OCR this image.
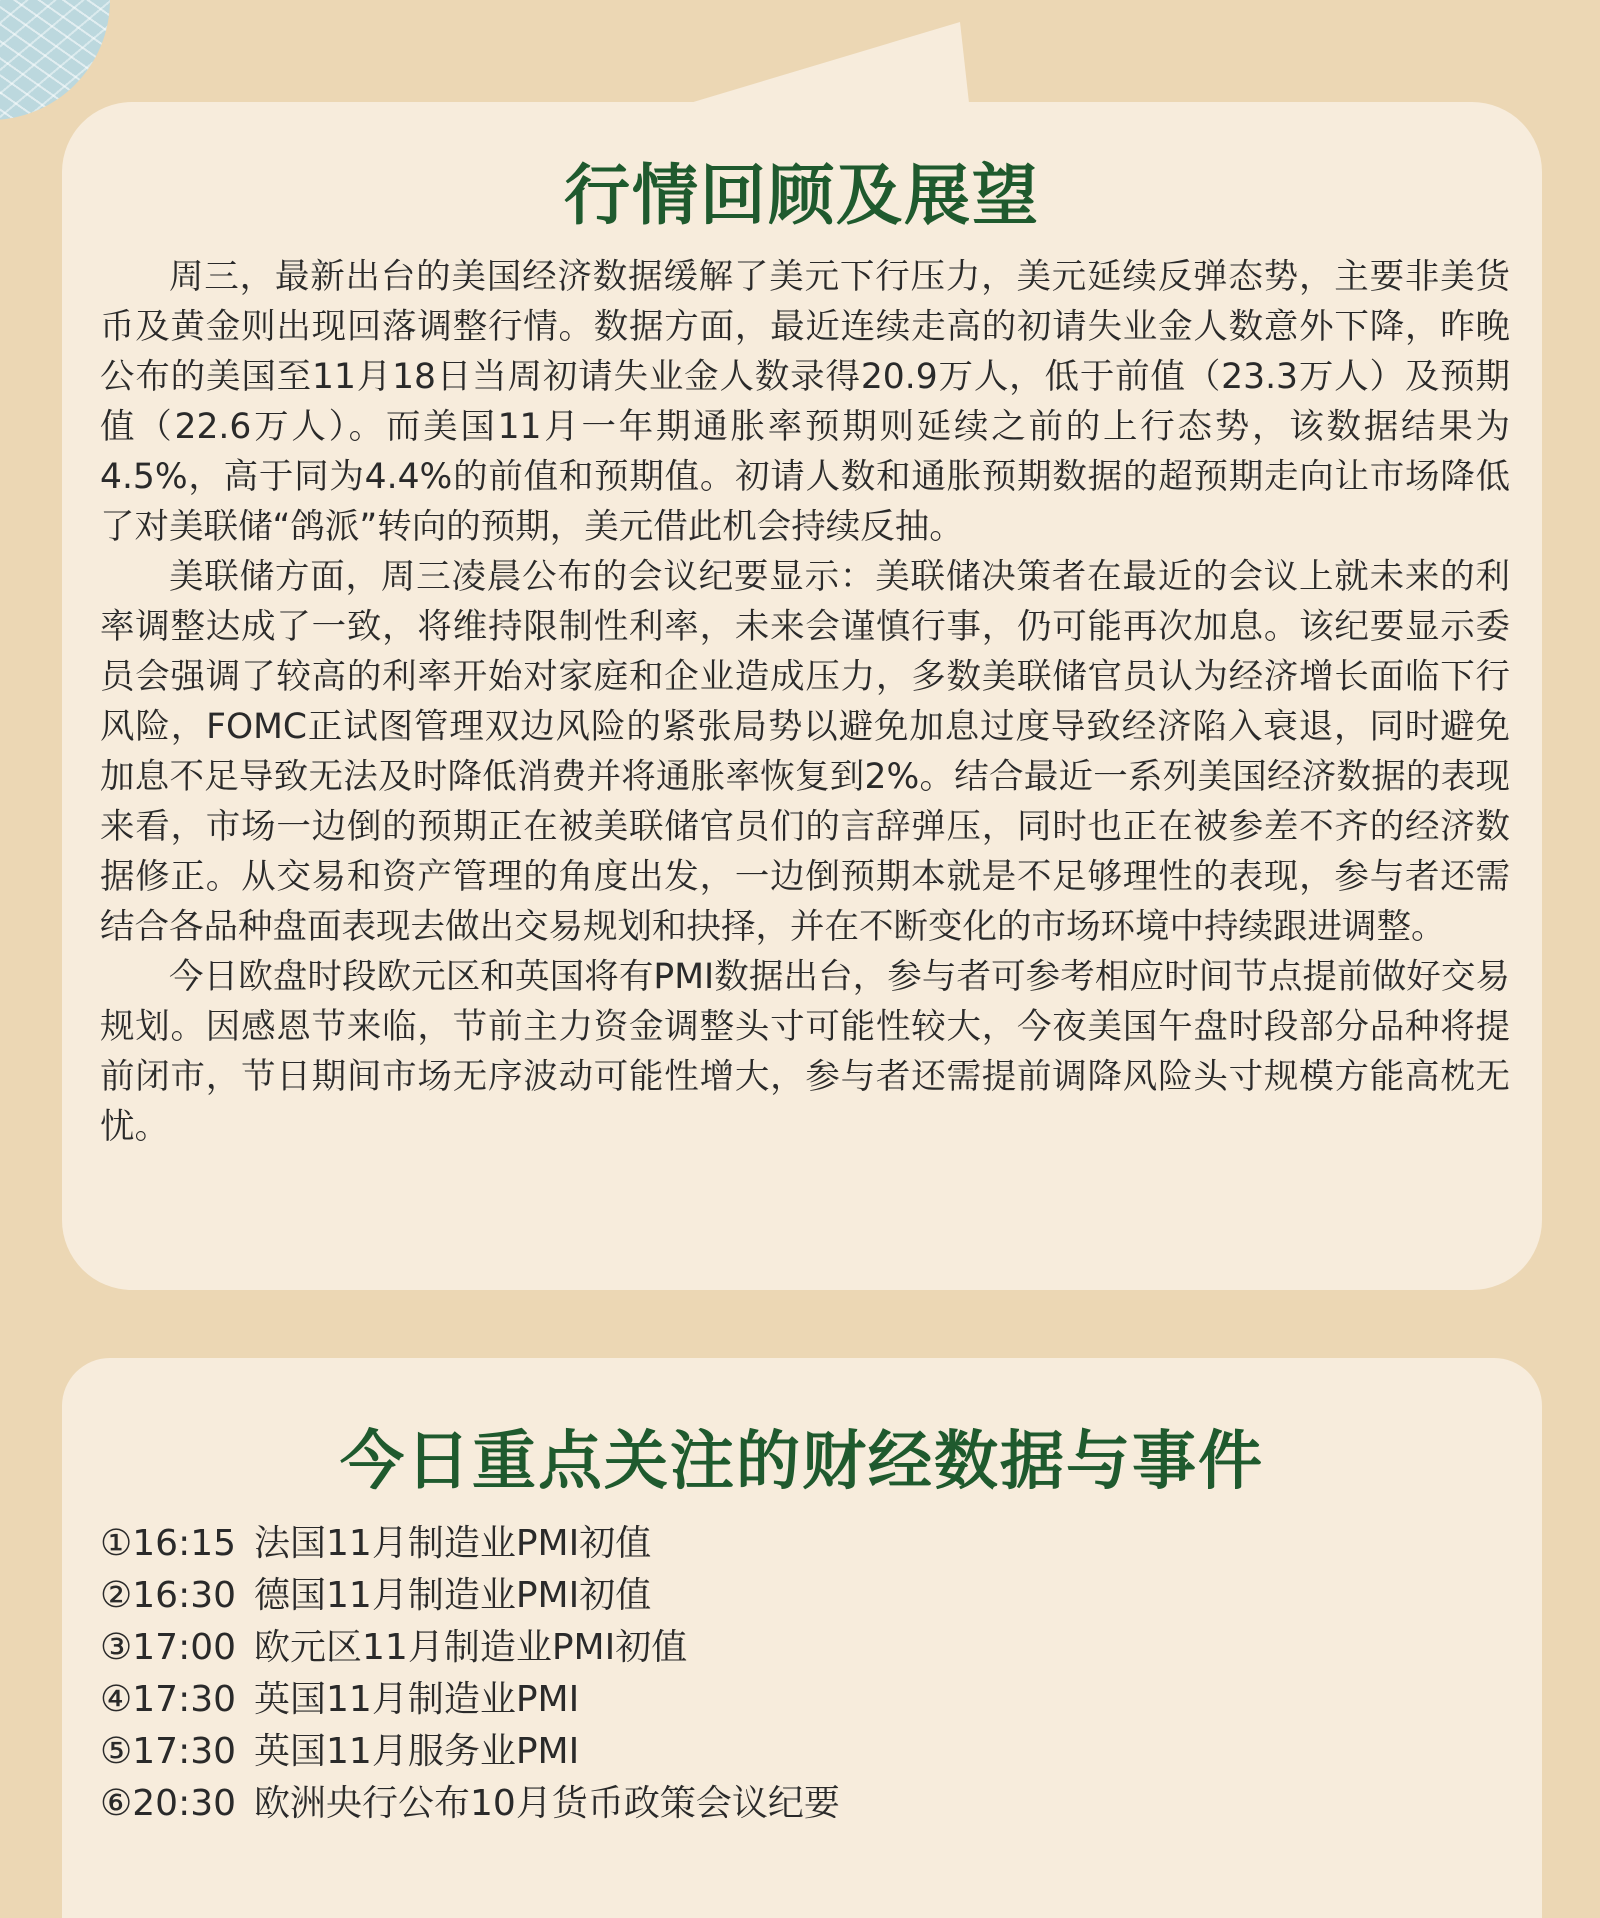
行情回顾及展望

周三，最新出台的美国经济数据缓解了美元下行压力，美元延续反弹态势，主要非美货币及黄金则出现回落调整行情。数据方面，最近连续走高的初请失业金人数意外下降，昨晚公布的美国至11月18日当周初请失业金人数录得20.9万人，低于前值（23.3万人）及预期值（22.6万人）。而美国11月一年期通胀率预期则延续之前的上行态势，该数据结果为4.5%，高于同为4.4%的前值和预期值。初请人数和通胀预期数据的超预期走向让市场降低了对美联储“鸽派”转向的预期，美元借此机会持续反抽。

美联储方面，周三凌晨公布的会议纪要显示：美联储决策者在最近的会议上就未来的利率调整达成了一致，将维持限制性利率，未来会谨慎行事，仍可能再次加息。该纪要显示委员会强调了较高的利率开始对家庭和企业造成压力，多数美联储官员认为经济增长面临下行风险，FOMC正试图管理双边风险的紧张局势以避免加息过度导致经济陷入衰退，同时避免加息不足导致无法及时降低消费并将通胀率恢复到2%。结合最近一系列美国经济数据的表现来看，市场一边倒的预期正在被美联储官员们的言辞弹压，同时也正在被参差不齐的经济数据修正。从交易和资产管理的角度出发，一边倒预期本就是不足够理性的表现，参与者还需结合各品种盘面表现去做出交易规划和抉择，并在不断变化的市场环境中持续跟进调整。

今日欧盘时段欧元区和英国将有PMI数据出台，参与者可参考相应时间节点提前做好交易规划。因感恩节来临，节前主力资金调整头寸可能性较大，今夜美国午盘时段部分品种将提前闭市，节日期间市场无序波动可能性增大，参与者还需提前调降风险头寸规模方能高枕无忧。

今日重点关注的财经数据与事件
①16:15 法国11月制造业PMI初值
②16:30 德国11月制造业PMI初值
③17:00 欧元区11月制造业PMI初值
④17:30 英国11月制造业PMI
⑤17:30 英国11月服务业PMI
⑥20:30 欧洲央行公布10月货币政策会议纪要
